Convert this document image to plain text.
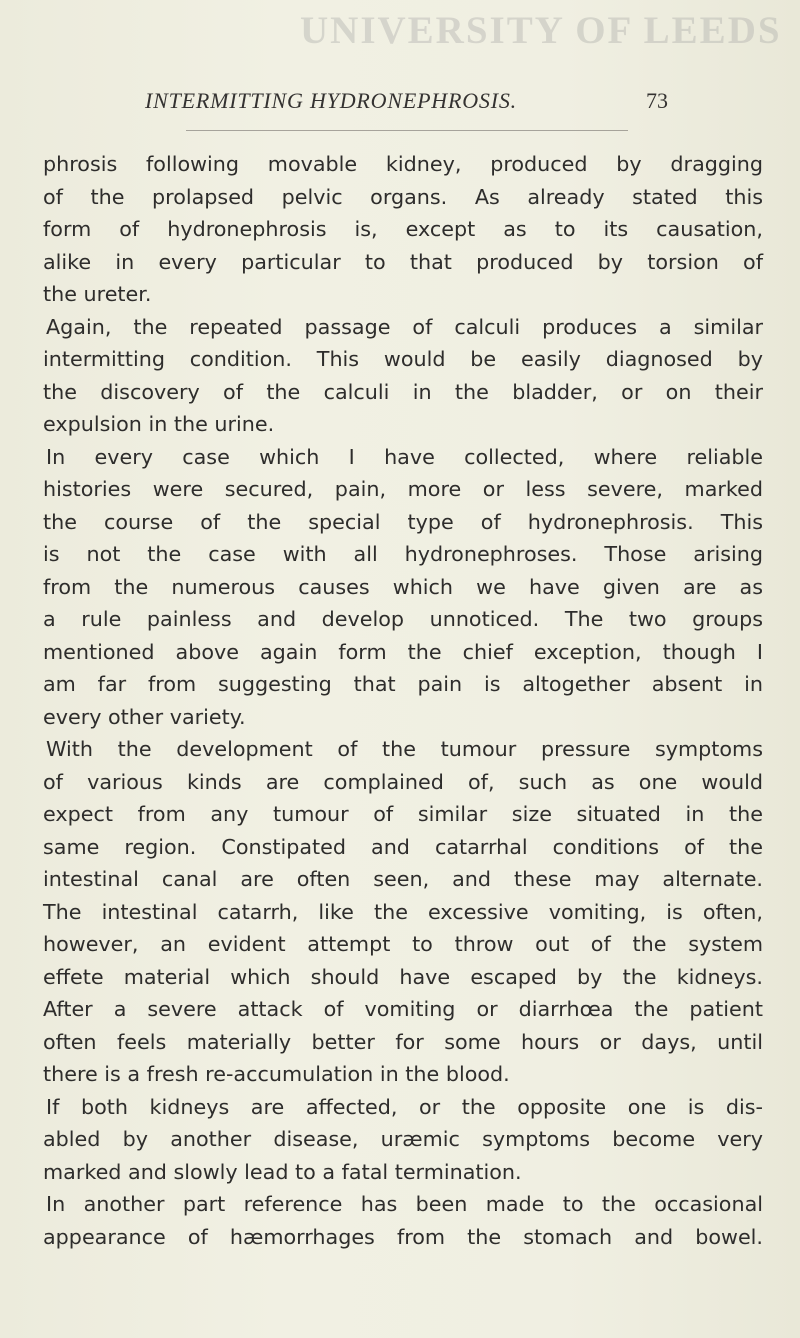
UNIVERSITY OF LEEDS
INTERMITTING HYDRONEPHROSIS.	73
phrosis following movable kidney, produced by dragging
of the prolapsed pelvic organs. As already stated this
form of hydronephrosis is, except as to its causation,
alike in every particular to that produced by torsion of
the ureter.
Again, the repeated passage of calculi produces a similar
intermitting condition. This would be easily diagnosed by
the discovery of the calculi in the bladder, or on their
expulsion in the urine.
In every case which I have collected, where reliable
histories were secured, pain, more or less severe, marked
the course of the special type of hydronephrosis. This
is not the case with all hydronephroses. Those arising
from the numerous causes which we have given are as
a rule painless and develop unnoticed. The two groups
mentioned above again form the chief exception, though I
am far from suggesting that pain is altogether absent in
every other variety.
With the development of the tumour pressure symptoms
of various kinds are complained of, such as one would
expect from any tumour of similar size situated in the
same region. Constipated and catarrhal conditions of the
intestinal canal are often seen, and these may alternate.
The intestinal catarrh, like the excessive vomiting, is often,
however, an evident attempt to throw out of the system
effete material which should have escaped by the kidneys.
After a severe attack of vomiting or diarrhœa the patient
often feels materially better for some hours or days, until
there is a fresh re-accumulation in the blood.
If both kidneys are affected, or the opposite one is dis-
abled by another disease, uræmic symptoms become very
marked and slowly lead to a fatal termination.
In another part reference has been made to the occasional
appearance of hæmorrhages from the stomach and bowel.
